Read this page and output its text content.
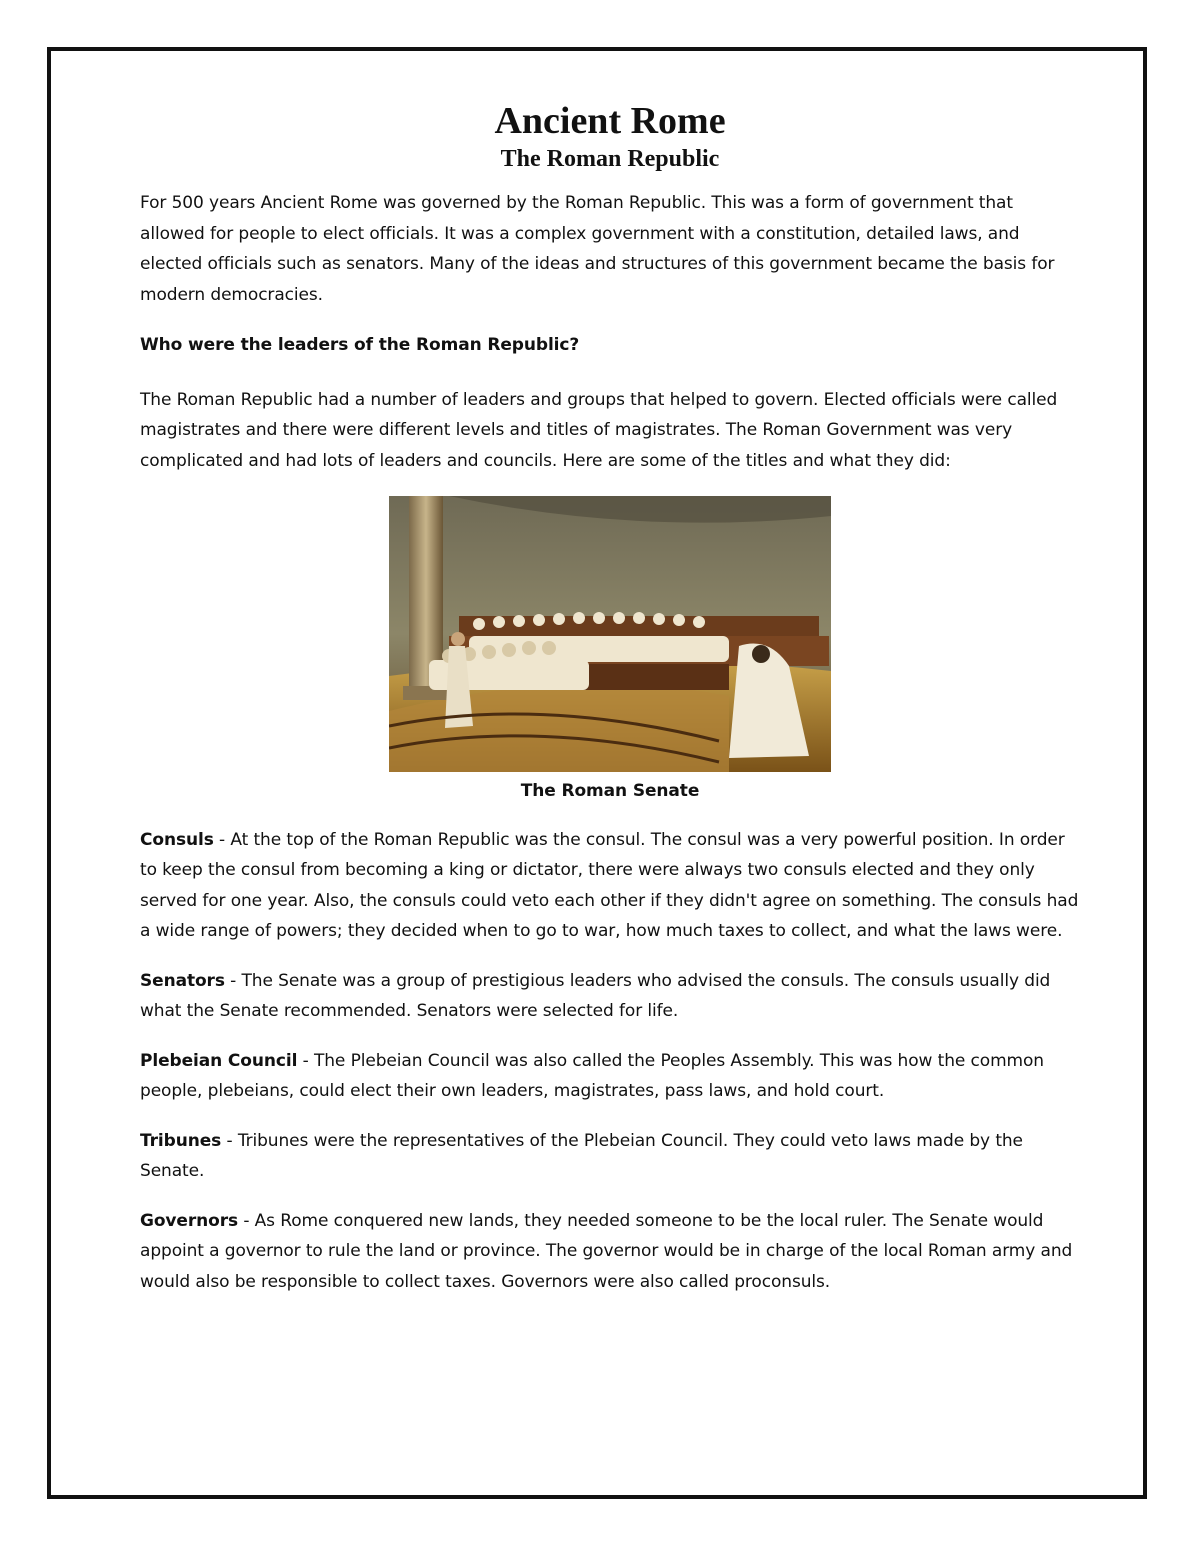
Ancient Rome
The Roman Republic

For 500 years Ancient Rome was governed by the Roman Republic. This was a form of government that allowed for people to elect officials. It was a complex government with a constitution, detailed laws, and elected officials such as senators. Many of the ideas and structures of this government became the basis for modern democracies.

Who were the leaders of the Roman Republic?

The Roman Republic had a number of leaders and groups that helped to govern. Elected officials were called magistrates and there were different levels and titles of magistrates. The Roman Government was very complicated and had lots of leaders and councils. Here are some of the titles and what they did:

The Roman Senate

Consuls - At the top of the Roman Republic was the consul. The consul was a very powerful position. In order to keep the consul from becoming a king or dictator, there were always two consuls elected and they only served for one year. Also, the consuls could veto each other if they didn't agree on something. The consuls had a wide range of powers; they decided when to go to war, how much taxes to collect, and what the laws were.

Senators - The Senate was a group of prestigious leaders who advised the consuls. The consuls usually did what the Senate recommended. Senators were selected for life.

Plebeian Council - The Plebeian Council was also called the Peoples Assembly. This was how the common people, plebeians, could elect their own leaders, magistrates, pass laws, and hold court.

Tribunes - Tribunes were the representatives of the Plebeian Council. They could veto laws made by the Senate.

Governors - As Rome conquered new lands, they needed someone to be the local ruler. The Senate would appoint a governor to rule the land or province. The governor would be in charge of the local Roman army and would also be responsible to collect taxes. Governors were also called proconsuls.
